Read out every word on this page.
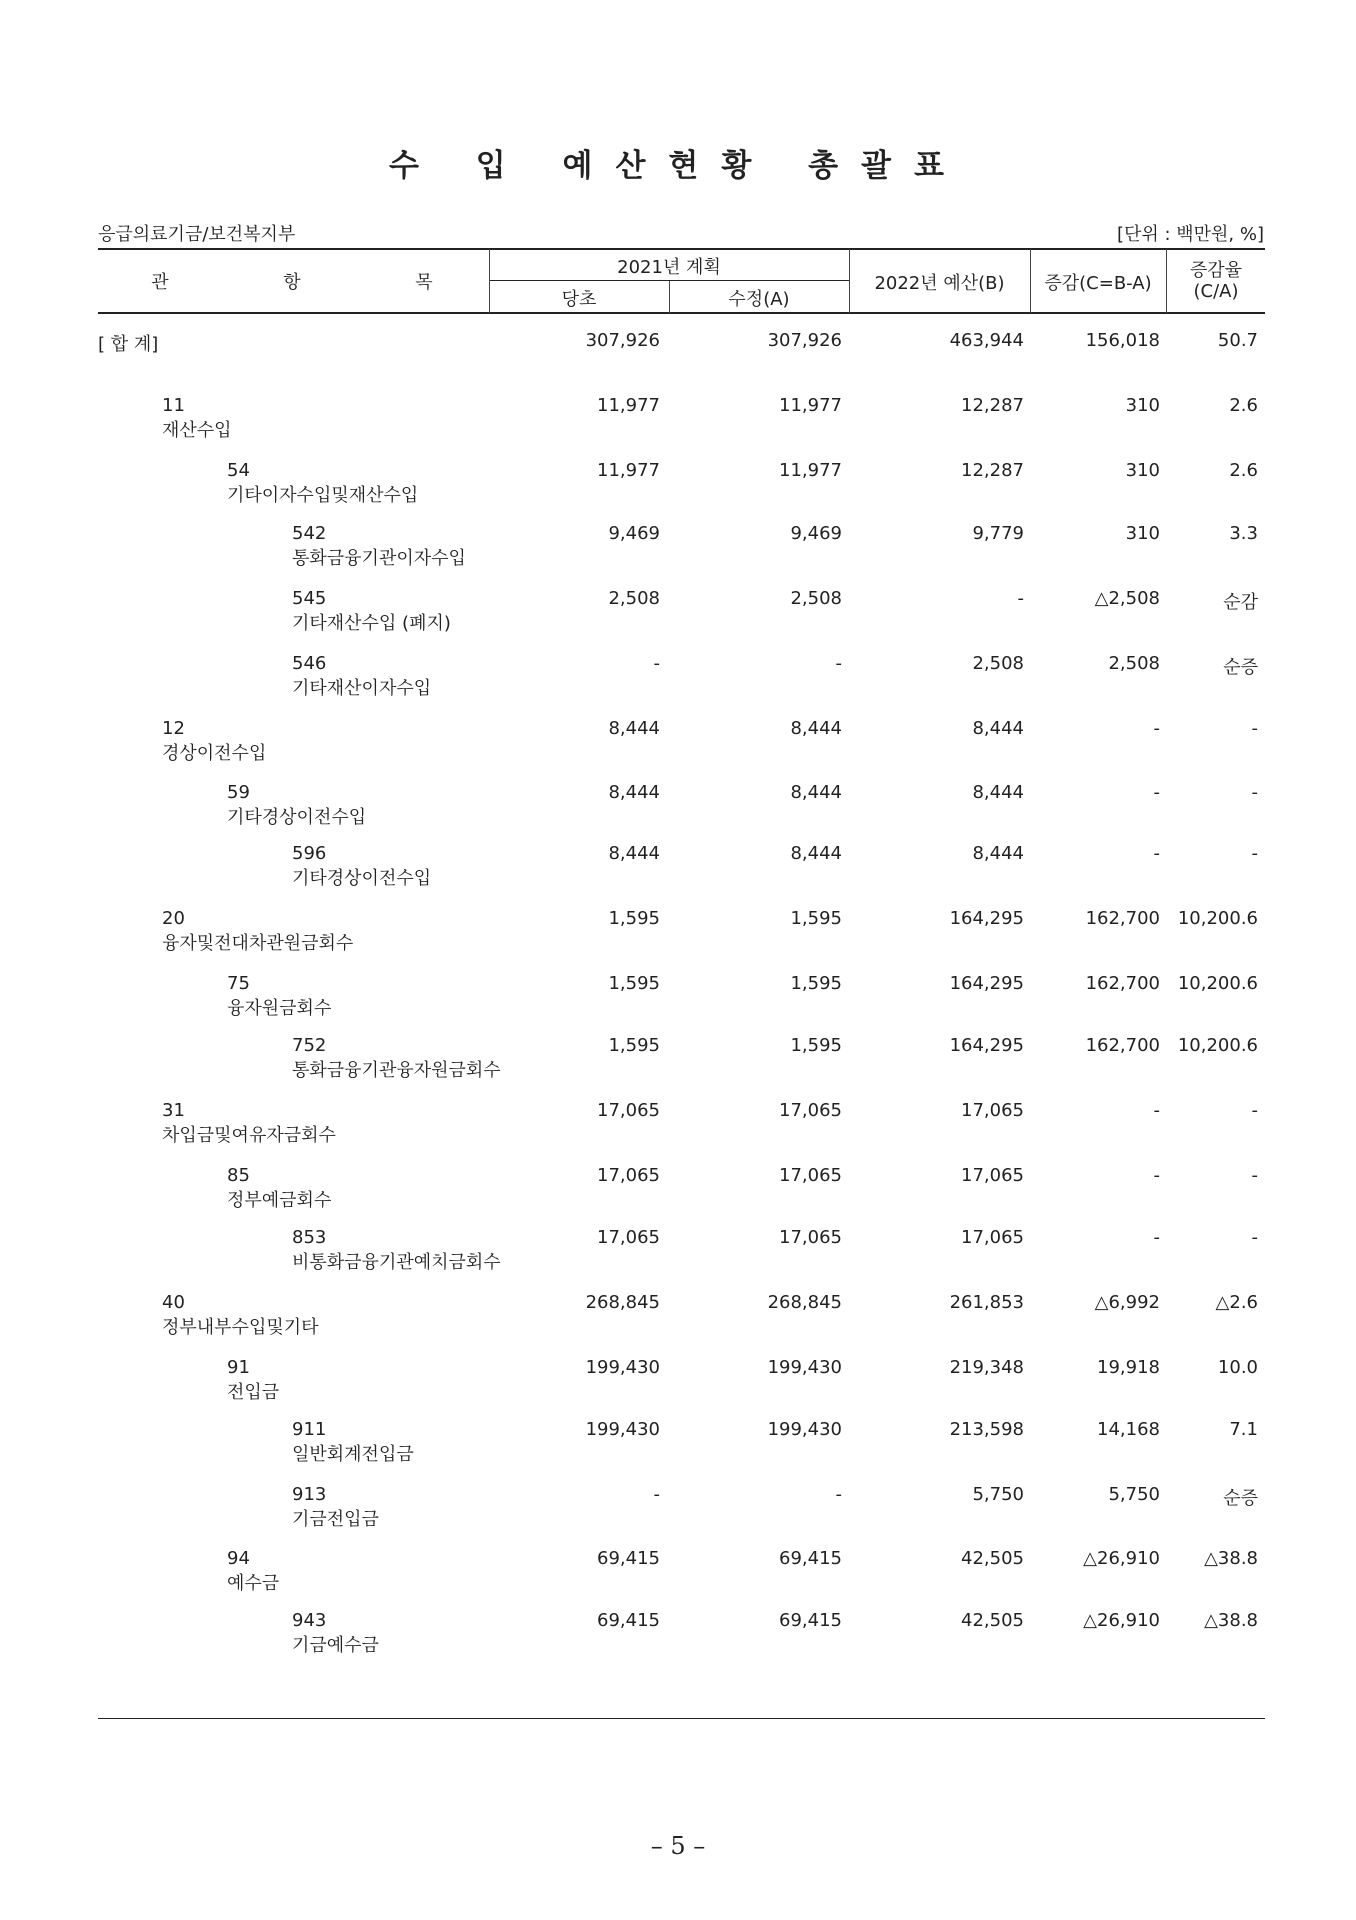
수 입 예산현황 총괄표
응급의료기금/보건복지부	[단위 : 백만원, %]
관	항	목
2021년 계획
당초	수정(A)
2022년 예산(B)	증감(C=B-A)
증감율
(C/A)
[ 합 계]	307,926	307,926	463,944	156,018	50.7
11
재산수입
11,977	11,977	12,287	310	2.6
54
기타이자수입및재산수입
11,977	11,977	12,287	310	2.6
542
통화금융기관이자수입
9,469	9,469	9,779	310	3.3
545
기타재산수입 (폐지)
2,508	2,508	-	△2,508	순감
546
기타재산이자수입
-	-	2,508	2,508	순증
12
경상이전수입
8,444	8,444	8,444	-	-
59
기타경상이전수입
8,444	8,444	8,444	-	-
596
기타경상이전수입
8,444	8,444	8,444	-	-
20
융자및전대차관원금회수
1,595	1,595	164,295	162,700 10,200.6
75
융자원금회수
1,595	1,595	164,295	162,700 10,200.6
752
통화금융기관융자원금회수
1,595	1,595	164,295	162,700 10,200.6
31
차입금및여유자금회수
17,065	17,065	17,065	-	-
85
정부예금회수
17,065	17,065	17,065	-	-
853
비통화금융기관예치금회수
17,065	17,065	17,065	-	-
40
정부내부수입및기타
268,845	268,845	261,853	△6,992	△2.6
91
전입금
199,430	199,430	219,348	19,918	10.0
911
일반회계전입금
199,430	199,430	213,598	14,168	7.1
913
기금전입금
-	-	5,750	5,750	순증
94
예수금
69,415	69,415	42,505	△26,910	△38.8
943
기금예수금
69,415	69,415	42,505	△26,910	△38.8
– 5 –
